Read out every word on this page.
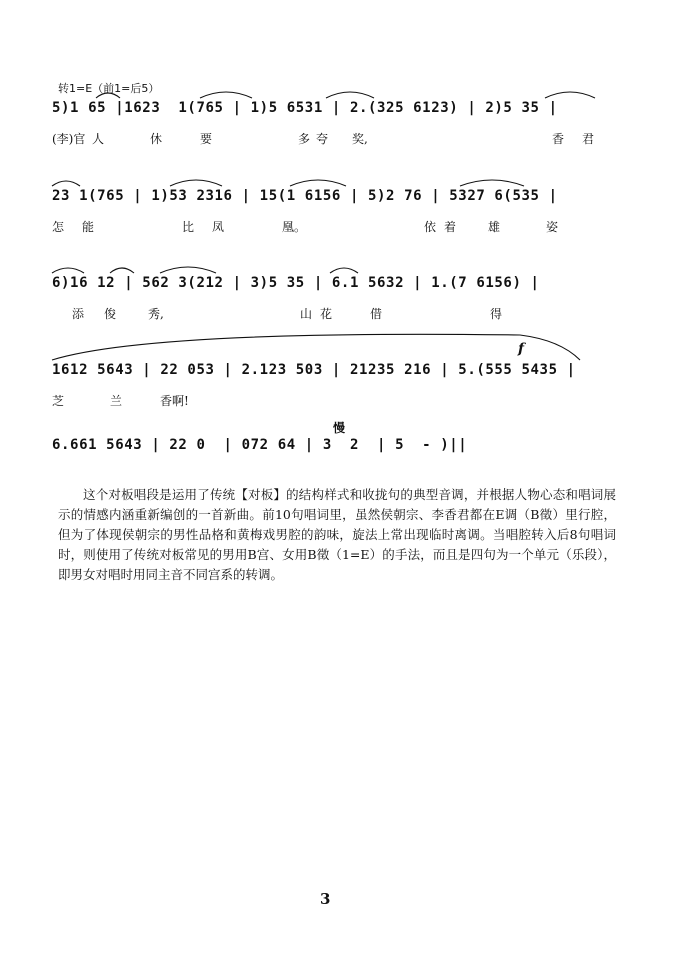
转1=E（前1=后5）
5)1 65 |1623  1(765 | 1)5 6531 | 2.(325 6123) | 2)5 35 |
(李)官 人	休	要	多 夸 奖,	香 君
23 1(765 | 1)53 2316 | 15(1 6156 | 5)2 76 | 5327 6(535 |
怎 能	比 凤	凰。	依 着	雄	姿
6)16 12 | 562 3(212 | 3)5 35 | 6.1 5632 | 1.(7 6156) |
添 俊	秀,	山 花	借	得
1612 5643 | 22 053 | 2.123 503 | 21235 216 | 5.(555 5435 |
芝	兰	香啊!
6.661 5643 | 22 0  | 072 64 | 3  2  | 5  - )||
慢
f
这个对板唱段是运用了传统【对板】的结构样式和收拢句的典型音调，并根据人物心态和唱词展示的情感内涵重新编创的一首新曲。前10句唱词里，虽然侯朝宗、李香君都在E调（B徵）里行腔，但为了体现侯朝宗的男性品格和黄梅戏男腔的韵味，旋法上常出现临时离调。当唱腔转入后8句唱词时，则使用了传统对板常见的男用B宫、女用B徵（1=E）的手法，而且是四句为一个单元（乐段），即男女对唱时用同主音不同宫系的转调。
3
